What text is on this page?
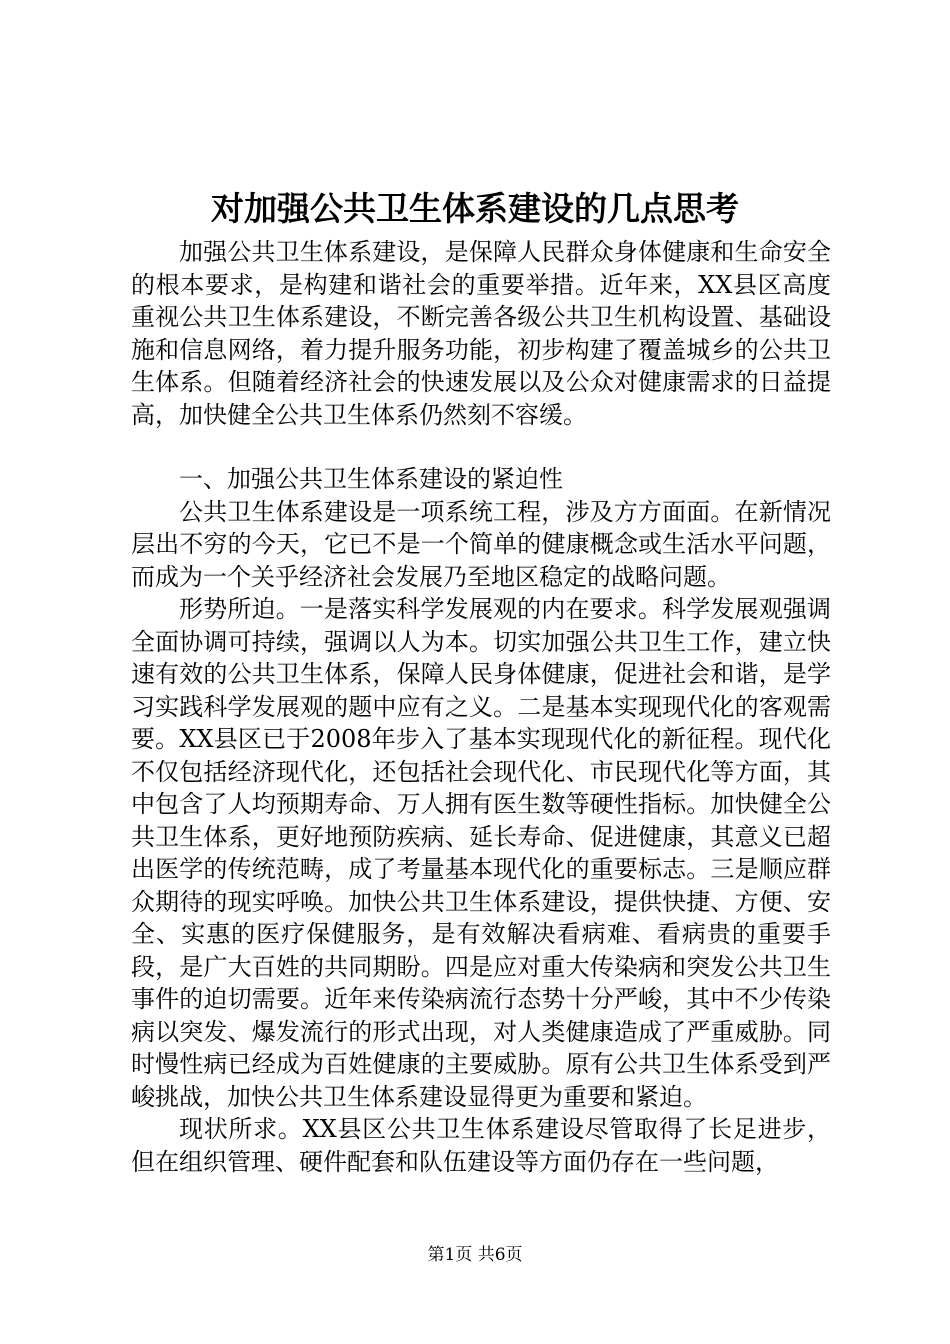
对加强公共卫生体系建设的几点思考

加强公共卫生体系建设，是保障人民群众身体健康和生命安全的根本要求，是构建和谐社会的重要举措。近年来，XX县区高度重视公共卫生体系建设，不断完善各级公共卫生机构设置、基础设施和信息网络，着力提升服务功能，初步构建了覆盖城乡的公共卫生体系。但随着经济社会的快速发展以及公众对健康需求的日益提高，加快健全公共卫生体系仍然刻不容缓。

一、加强公共卫生体系建设的紧迫性

公共卫生体系建设是一项系统工程，涉及方方面面。在新情况层出不穷的今天，它已不是一个简单的健康概念或生活水平问题，而成为一个关乎经济社会发展乃至地区稳定的战略问题。

形势所迫。一是落实科学发展观的内在要求。科学发展观强调全面协调可持续，强调以人为本。切实加强公共卫生工作，建立快速有效的公共卫生体系，保障人民身体健康，促进社会和谐，是学习实践科学发展观的题中应有之义。二是基本实现现代化的客观需要。XX县区已于2008年步入了基本实现现代化的新征程。现代化不仅包括经济现代化，还包括社会现代化、市民现代化等方面，其中包含了人均预期寿命、万人拥有医生数等硬性指标。加快健全公共卫生体系，更好地预防疾病、延长寿命、促进健康，其意义已超出医学的传统范畴，成了考量基本现代化的重要标志。三是顺应群众期待的现实呼唤。加快公共卫生体系建设，提供快捷、方便、安全、实惠的医疗保健服务，是有效解决看病难、看病贵的重要手段，是广大百姓的共同期盼。四是应对重大传染病和突发公共卫生事件的迫切需要。近年来传染病流行态势十分严峻，其中不少传染病以突发、爆发流行的形式出现，对人类健康造成了严重威胁。同时慢性病已经成为百姓健康的主要威胁。原有公共卫生体系受到严峻挑战，加快公共卫生体系建设显得更为重要和紧迫。

现状所求。XX县区公共卫生体系建设尽管取得了长足进步，但在组织管理、硬件配套和队伍建设等方面仍存在一些问题，

第1页 共6页
